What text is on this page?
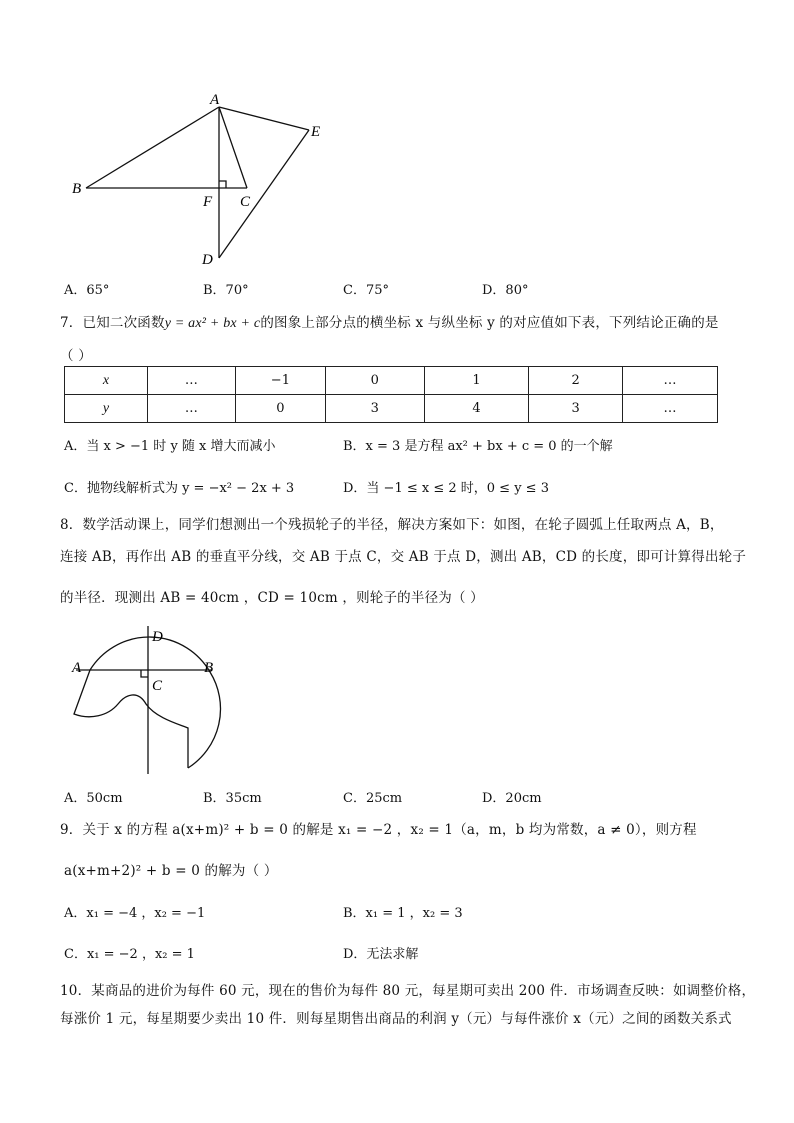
A
B
F C
E
D
A．65°	B．70°	C．75°	D．80°
7．已知二次函数y = ax² + bx + c的图象上部分点的横坐标 x 与纵坐标 y 的对应值如下表，下列结论正确的是
（ ）
x	…	−1	0	1	2	…
y	…	0	3	4	3	…
A．当 x > −1 时 y 随 x 增大而减小	B．x = 3 是方程 ax² + bx + c = 0 的一个解
C．抛物线解析式为 y = −x² − 2x + 3	D．当 −1 ≤ x ≤ 2 时，0 ≤ y ≤ 3
8．数学活动课上，同学们想测出一个残损轮子的半径，解决方案如下：如图，在轮子圆弧上任取两点 A，B，
连接 AB，再作出 AB 的垂直平分线，交 AB 于点 C，交 AB 于点 D，测出 AB，CD 的长度，即可计算得出轮子
的半径．现测出 AB = 40cm ，CD = 10cm ，则轮子的半径为（ ）
D
A	B
C
A．50cm	B．35cm	C．25cm	D．20cm
9．关于 x 的方程 a(x+m)² + b = 0 的解是 x₁ = −2 ，x₂ = 1（a，m，b 均为常数，a ≠ 0），则方程
a(x+m+2)² + b = 0 的解为（ ）
A．x₁ = −4 ，x₂ = −1	B．x₁ = 1 ，x₂ = 3
C．x₁ = −2 ，x₂ = 1	D．无法求解
10．某商品的进价为每件 60 元，现在的售价为每件 80 元，每星期可卖出 200 件．市场调查反映：如调整价格，
每涨价 1 元，每星期要少卖出 10 件．则每星期售出商品的利润 y（元）与每件涨价 x（元）之间的函数关系式
